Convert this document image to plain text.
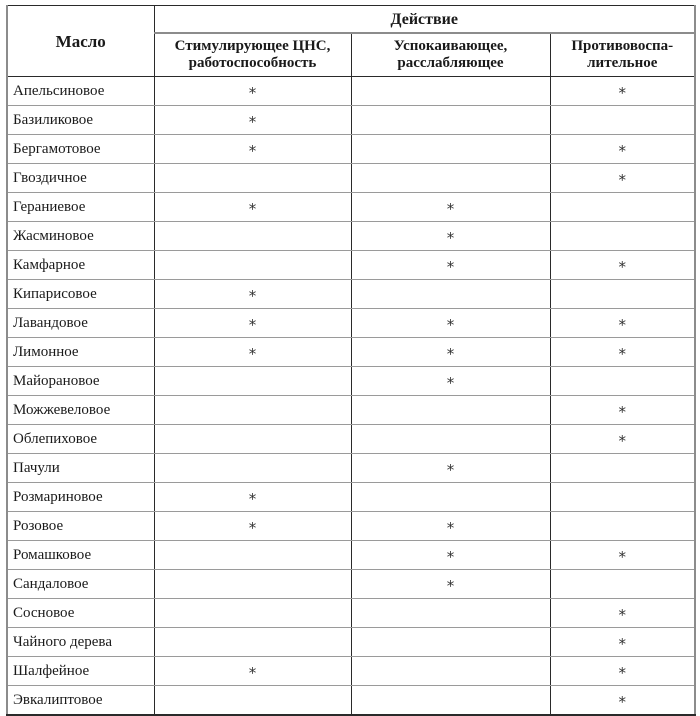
Масло	Действие		
	Стимулирующее ЦНС, работоспособность	Успокаивающее, расслабляющее	Противовоспа- лительное
Апельсиновое	*		*
Базиликовое	*		
Бергамотовое	*		*
Гвоздичное			*
Гераниевое	*	*	
Жасминовое		*	
Камфарное		*	*
Кипарисовое	*		
Лавандовое	*	*	*
Лимонное	*	*	*
Майорановое		*	
Можжевеловое			*
Облепиховое			*
Пачули		*	
Розмариновое	*		
Розовое	*	*	
Ромашковое		*	*
Сандаловое		*	
Сосновое			*
Чайного дерева			*
Шалфейное	*		*
Эвкалиптовое			*
